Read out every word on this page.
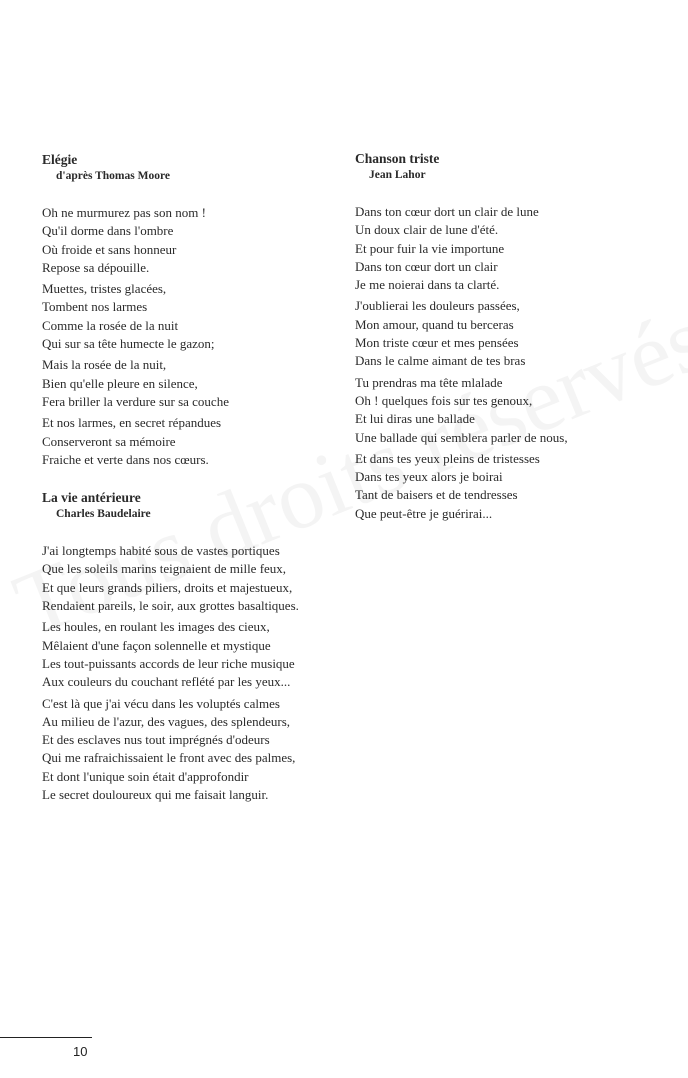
Elégie
d'après Thomas Moore
Oh ne murmurez pas son nom !
Qu'il dorme dans l'ombre
Où froide et sans honneur
Repose sa dépouille.
Muettes, tristes glacées,
Tombent nos larmes
Comme la rosée de la nuit
Qui sur sa tête humecte le gazon;
Mais la rosée de la nuit,
Bien qu'elle pleure en silence,
Fera briller la verdure sur sa couche
Et nos larmes, en secret répandues
Conserveront sa mémoire
Fraiche et verte dans nos cœurs.
La vie antérieure
Charles Baudelaire
J'ai longtemps habité sous de vastes portiques
Que les soleils marins teignaient de mille feux,
Et que leurs grands piliers, droits et majestueux,
Rendaient pareils, le soir, aux grottes basaltiques.
Les houles, en roulant les images des cieux,
Mêlaient d'une façon solennelle et mystique
Les tout-puissants accords de leur riche musique
Aux couleurs du couchant reflété par les yeux...
C'est là que j'ai vécu dans les voluptés calmes
Au milieu de l'azur, des vagues, des splendeurs,
Et des esclaves nus tout imprégnés d'odeurs
Qui me rafraichissaient le front avec des palmes,
Et dont l'unique soin était d'approfondir
Le secret douloureux qui me faisait languir.
Chanson triste
Jean Lahor
Dans ton cœur dort un clair de lune
Un doux clair de lune d'été.
Et pour fuir la vie importune
Dans ton cœur dort un clair
Je me noierai dans ta clarté.
J'oublierai les douleurs passées,
Mon amour, quand tu berceras
Mon triste cœur et mes pensées
Dans le calme aimant de tes bras
Tu prendras ma tête mlalade
Oh ! quelques fois sur tes genoux,
Et lui diras une ballade
Une ballade qui semblera parler de nous,
Et dans tes yeux pleins de tristesses
Dans tes yeux alors je boirai
Tant de baisers et de tendresses
Que peut-être je guérirai...
10
